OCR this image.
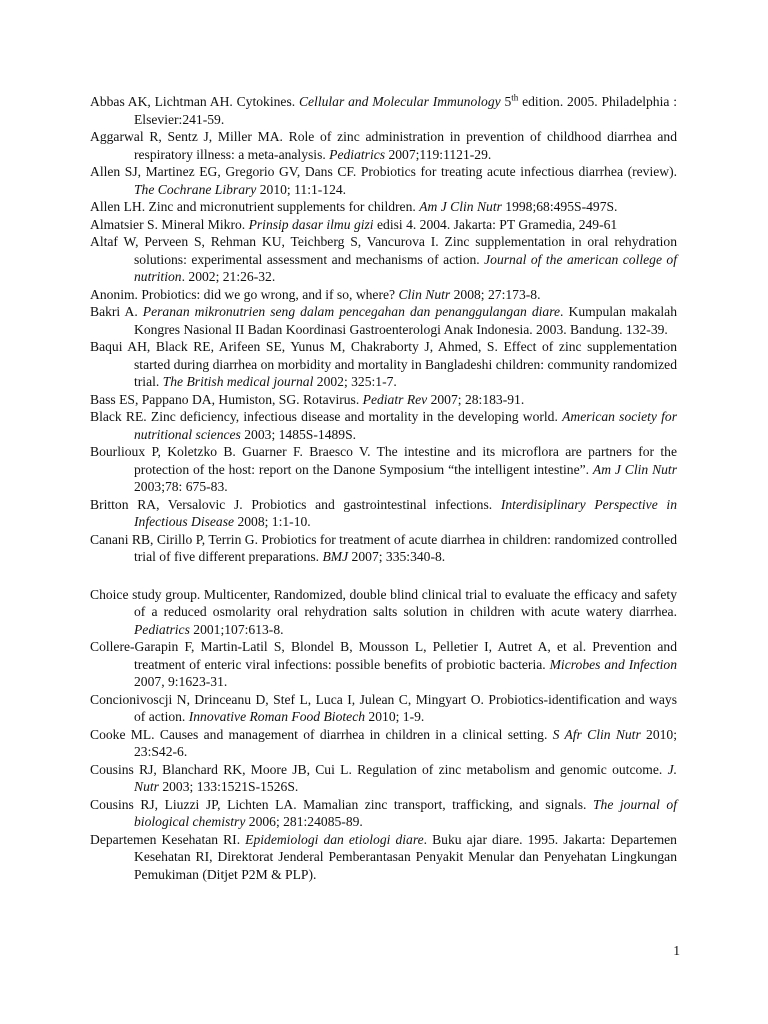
Abbas AK, Lichtman AH. Cytokines. Cellular and Molecular Immunology 5th edition. 2005. Philadelphia : Elsevier:241-59.
Aggarwal R, Sentz J, Miller MA. Role of zinc administration in prevention of childhood diarrhea and respiratory illness: a meta-analysis. Pediatrics 2007;119:1121-29.
Allen SJ, Martinez EG, Gregorio GV, Dans CF. Probiotics for treating acute infectious diarrhea (review). The Cochrane Library 2010; 11:1-124.
Allen LH. Zinc and micronutrient supplements for children. Am J Clin Nutr 1998;68:495S-497S.
Almatsier S. Mineral Mikro. Prinsip dasar ilmu gizi edisi 4. 2004. Jakarta: PT Gramedia, 249-61
Altaf W, Perveen S, Rehman KU, Teichberg S, Vancurova I. Zinc supplementation in oral rehydration solutions: experimental assessment and mechanisms of action. Journal of the american college of nutrition. 2002; 21:26-32.
Anonim. Probiotics: did we go wrong, and if so, where? Clin Nutr 2008; 27:173-8.
Bakri A. Peranan mikronutrien seng dalam pencegahan dan penanggulangan diare. Kumpulan makalah Kongres Nasional II Badan Koordinasi Gastroenterologi Anak Indonesia. 2003. Bandung. 132-39.
Baqui AH, Black RE, Arifeen SE, Yunus M, Chakraborty J, Ahmed, S. Effect of zinc supplementation started during diarrhea on morbidity and mortality in Bangladeshi children: community randomized trial. The British medical journal 2002; 325:1-7.
Bass ES, Pappano DA, Humiston, SG. Rotavirus. Pediatr Rev 2007; 28:183-91.
Black RE. Zinc deficiency, infectious disease and mortality in the developing world. American society for nutritional sciences 2003; 1485S-1489S.
Bourlioux P, Koletzko B. Guarner F. Braesco V. The intestine and its microflora are partners for the protection of the host: report on the Danone Symposium “the intelligent intestine”. Am J Clin Nutr 2003;78: 675-83.
Britton RA, Versalovic J. Probiotics and gastrointestinal infections. Interdisiplinary Perspective in Infectious Disease 2008; 1:1-10.
Canani RB, Cirillo P, Terrin G. Probiotics for treatment of acute diarrhea in children: randomized controlled trial of five different preparations. BMJ 2007; 335:340-8.
Choice study group. Multicenter, Randomized, double blind clinical trial to evaluate the efficacy and safety of a reduced osmolarity oral rehydration salts solution in children with acute watery diarrhea. Pediatrics 2001;107:613-8.
Collere-Garapin F, Martin-Latil S, Blondel B, Mousson L, Pelletier I, Autret A, et al. Prevention and treatment of enteric viral infections: possible benefits of probiotic bacteria. Microbes and Infection 2007, 9:1623-31.
Concionivoscji N, Drinceanu D, Stef L, Luca I, Julean C, Mingyart O. Probiotics-identification and ways of action. Innovative Roman Food Biotech 2010; 1-9.
Cooke ML. Causes and management of diarrhea in children in a clinical setting. S Afr Clin Nutr 2010; 23:S42-6.
Cousins RJ, Blanchard RK, Moore JB, Cui L. Regulation of zinc metabolism and genomic outcome. J. Nutr 2003; 133:1521S-1526S.
Cousins RJ, Liuzzi JP, Lichten LA. Mamalian zinc transport, trafficking, and signals. The journal of biological chemistry 2006; 281:24085-89.
Departemen Kesehatan RI. Epidemiologi dan etiologi diare. Buku ajar diare. 1995. Jakarta: Departemen Kesehatan RI, Direktorat Jenderal Pemberantasan Penyakit Menular dan Penyehatan Lingkungan Pemukiman (Ditjet P2M & PLP).
1
